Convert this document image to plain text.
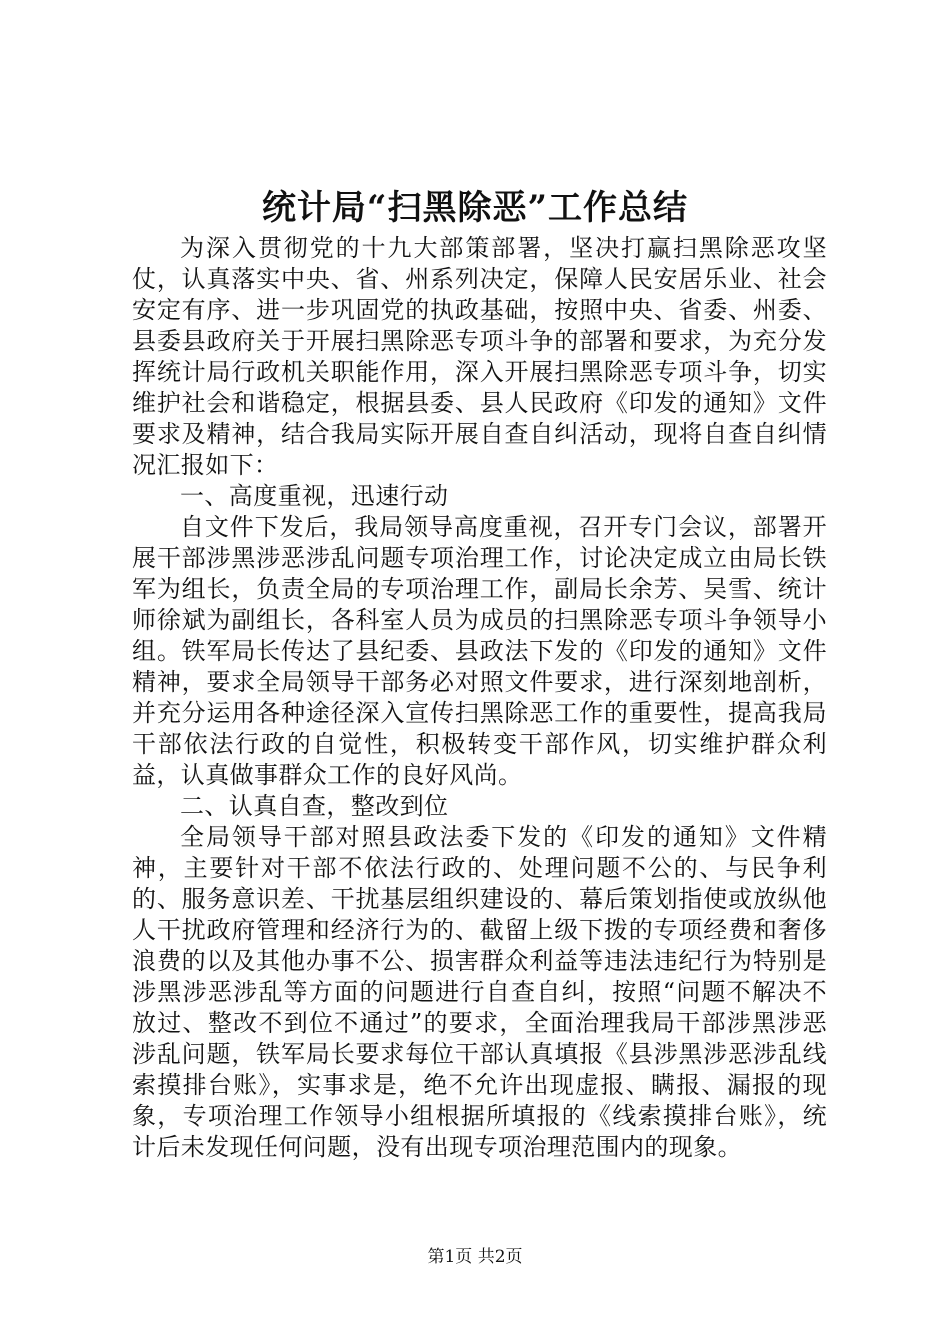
统计局“扫黑除恶”工作总结

为深入贯彻党的十九大部策部署，坚决打赢扫黑除恶攻坚仗，认真落实中央、省、州系列决定，保障人民安居乐业、社会安定有序、进一步巩固党的执政基础，按照中央、省委、州委、县委县政府关于开展扫黑除恶专项斗争的部署和要求，为充分发挥统计局行政机关职能作用，深入开展扫黑除恶专项斗争，切实维护社会和谐稳定，根据县委、县人民政府《印发的通知》文件要求及精神，结合我局实际开展自查自纠活动，现将自查自纠情况汇报如下：

一、高度重视，迅速行动

自文件下发后，我局领导高度重视，召开专门会议，部署开展干部涉黑涉恶涉乱问题专项治理工作，讨论决定成立由局长铁军为组长，负责全局的专项治理工作，副局长余芳、吴雪、统计师徐斌为副组长，各科室人员为成员的扫黑除恶专项斗争领导小组。铁军局长传达了县纪委、县政法下发的《印发的通知》文件精神，要求全局领导干部务必对照文件要求，进行深刻地剖析，并充分运用各种途径深入宣传扫黑除恶工作的重要性，提高我局干部依法行政的自觉性，积极转变干部作风，切实维护群众利益，认真做事群众工作的良好风尚。

二、认真自查，整改到位

全局领导干部对照县政法委下发的《印发的通知》文件精神，主要针对干部不依法行政的、处理问题不公的、与民争利的、服务意识差、干扰基层组织建设的、幕后策划指使或放纵他人干扰政府管理和经济行为的、截留上级下拨的专项经费和奢侈浪费的以及其他办事不公、损害群众利益等违法违纪行为特别是涉黑涉恶涉乱等方面的问题进行自查自纠，按照“问题不解决不放过、整改不到位不通过”的要求，全面治理我局干部涉黑涉恶涉乱问题，铁军局长要求每位干部认真填报《县涉黑涉恶涉乱线索摸排台账》，实事求是，绝不允许出现虚报、瞒报、漏报的现象，专项治理工作领导小组根据所填报的《线索摸排台账》，统计后未发现任何问题，没有出现专项治理范围内的现象。

第1页 共2页
